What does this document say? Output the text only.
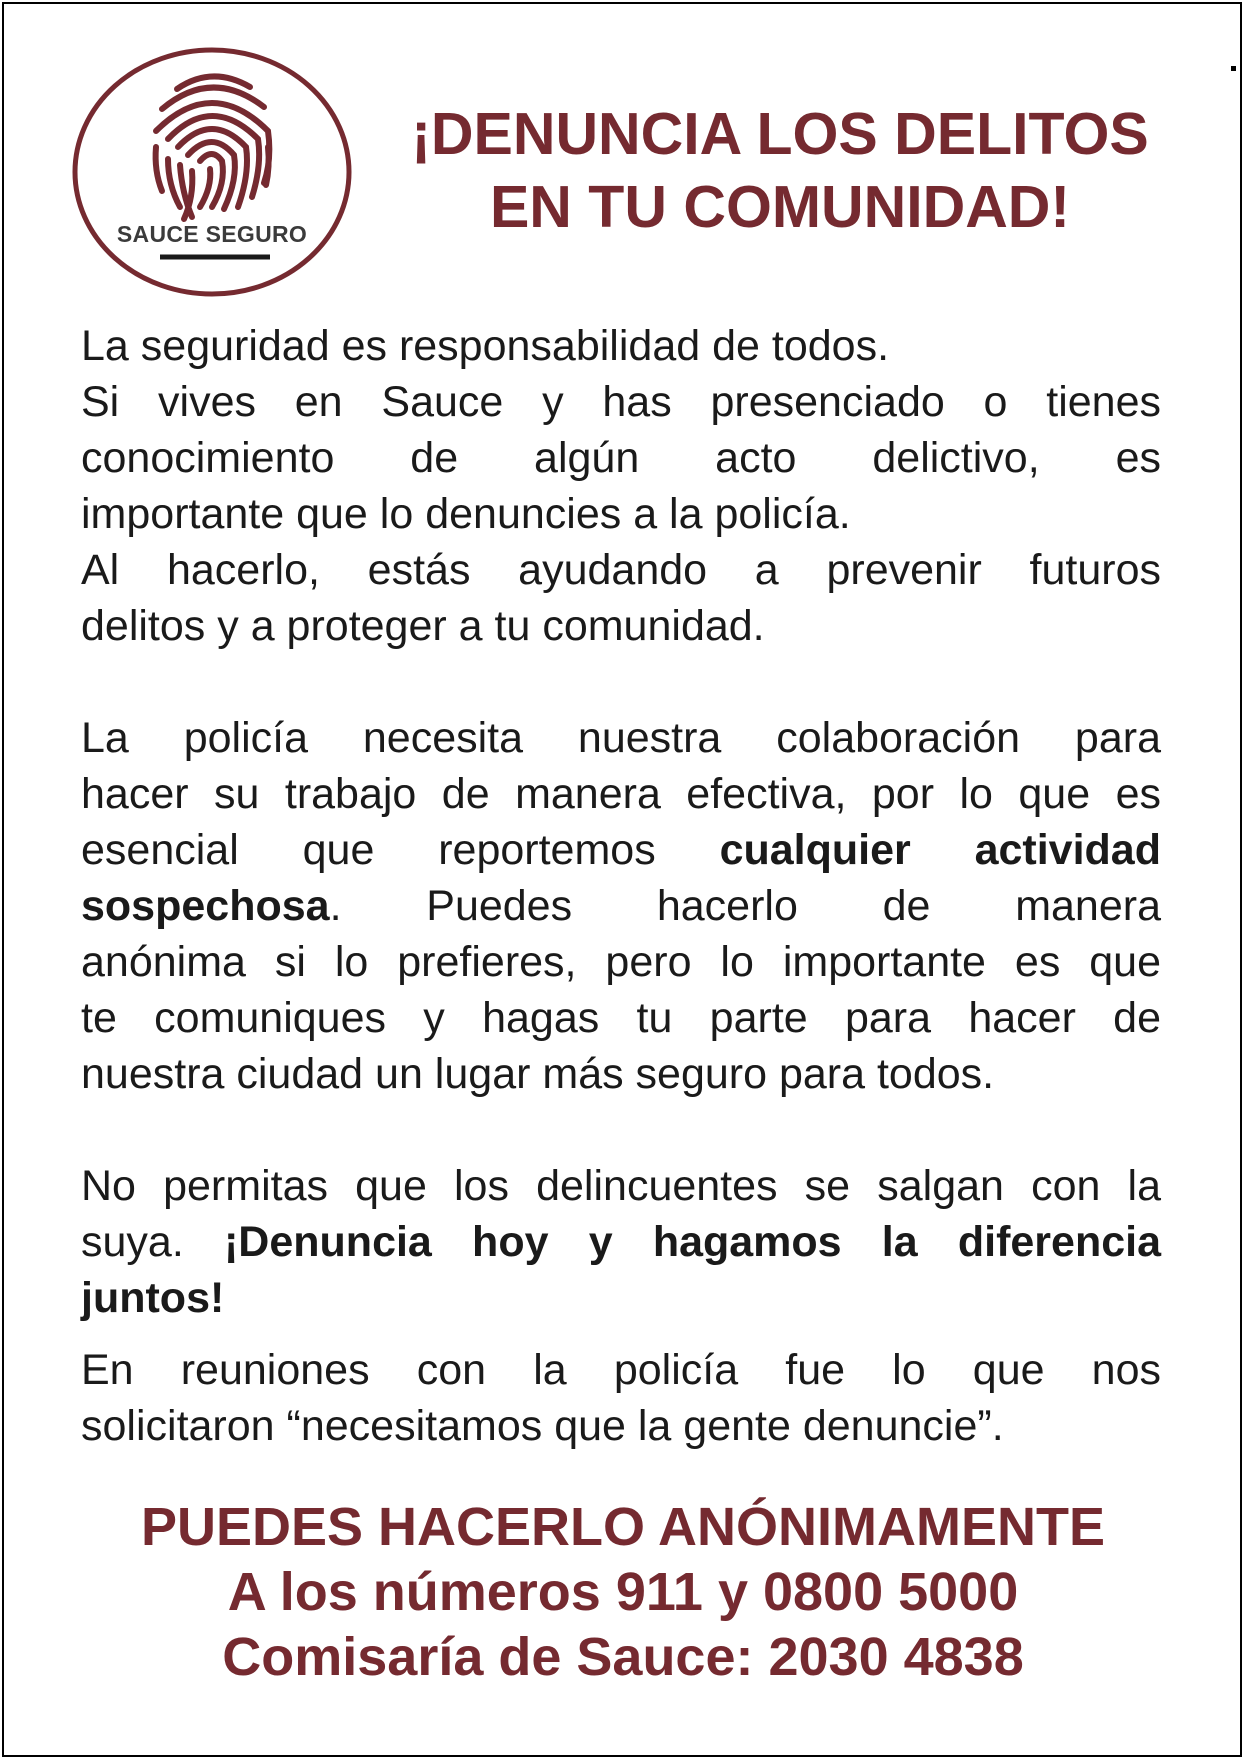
SAUCE SEGURO
¡DENUNCIA LOS DELITOS
EN TU COMUNIDAD!
La seguridad es responsabilidad de todos.
Si vives en Sauce y has presenciado o tienes
conocimiento de algún acto delictivo, es
importante que lo denuncies a la policía.
Al hacerlo, estás ayudando a prevenir futuros
delitos y a proteger a tu comunidad.
La policía necesita nuestra colaboración para
hacer su trabajo de manera efectiva, por lo que es
esencial que reportemos cualquier actividad
sospechosa. Puedes hacerlo de manera
anónima si lo prefieres, pero lo importante es que
te comuniques y hagas tu parte para hacer de
nuestra ciudad un lugar más seguro para todos.
No permitas que los delincuentes se salgan con la
suya. ¡Denuncia hoy y hagamos la diferencia
juntos!
En reuniones con la policía fue lo que nos
solicitaron “necesitamos que la gente denuncie”.
PUEDES HACERLO ANÓNIMAMENTE
A los números 911 y 0800 5000
Comisaría de Sauce: 2030 4838
